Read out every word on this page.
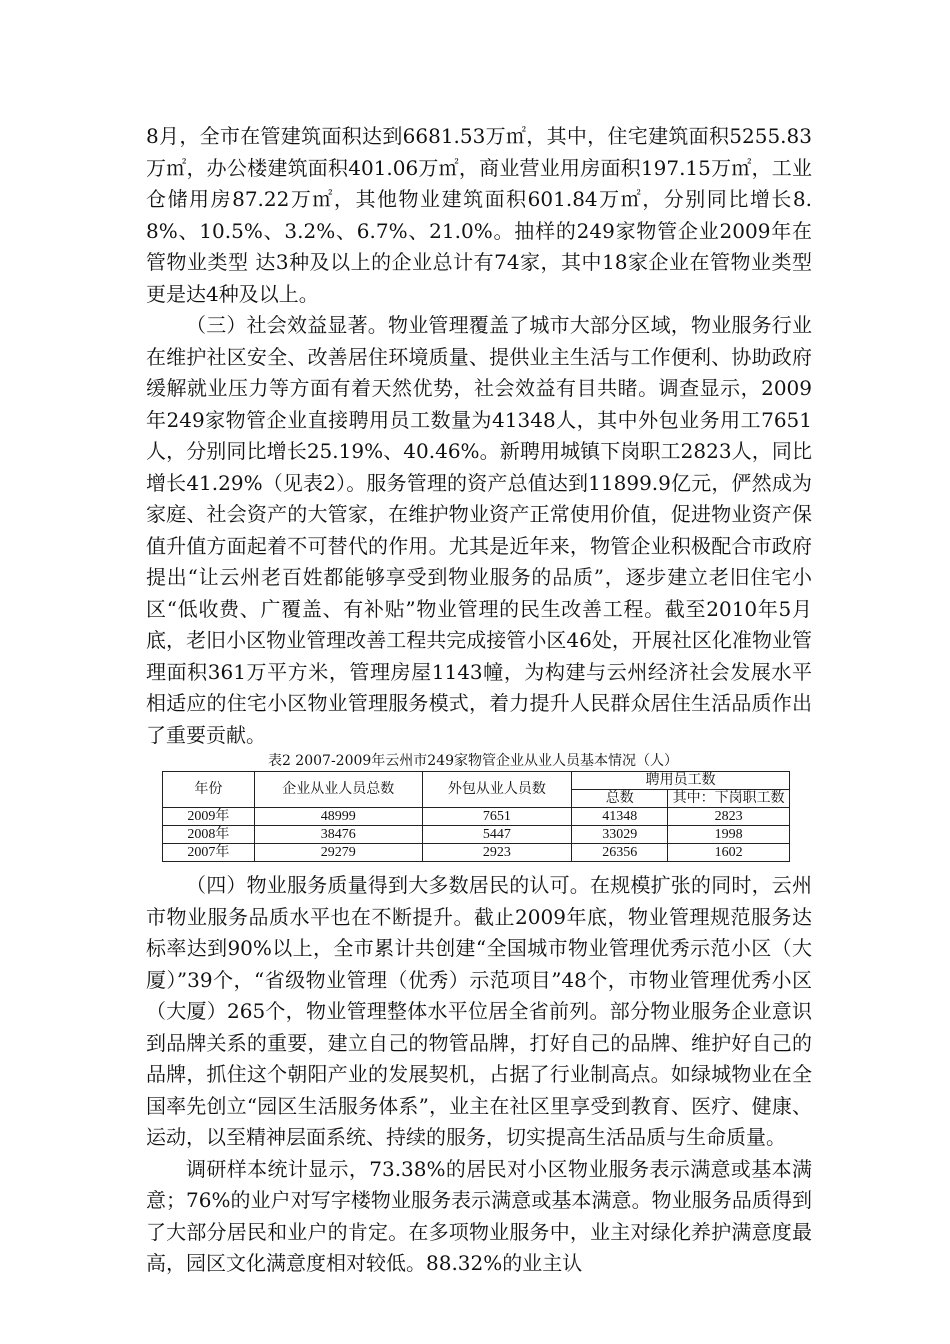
8月，全市在管建筑面积达到6681.53万㎡，其中，住宅建筑面积5255.83万㎡，办公楼建筑面积401.06万㎡，商业营业用房面积197.15万㎡，工业仓储用房87.22万㎡，其他物业建筑面积601.84万㎡，分别同比增长8.8%、10.5%、3.2%、6.7%、21.0%。抽样的249家物管企业2009年在管物业类型 达3种及以上的企业总计有74家，其中18家企业在管物业类型更是达4种及以上。

（三）社会效益显著。物业管理覆盖了城市大部分区域，物业服务行业在维护社区安全、改善居住环境质量、提供业主生活与工作便利、协助政府缓解就业压力等方面有着天然优势，社会效益有目共睹。调查显示，2009年249家物管企业直接聘用员工数量为41348人，其中外包业务用工7651人，分别同比增长25.19%、40.46%。新聘用城镇下岗职工2823人，同比增长41.29%（见表2）。服务管理的资产总值达到11899.9亿元，俨然成为家庭、社会资产的大管家，在维护物业资产正常使用价值，促进物业资产保值升值方面起着不可替代的作用。尤其是近年来，物管企业积极配合市政府提出“让云州老百姓都能够享受到物业服务的品质”，逐步建立老旧住宅小区“低收费、广覆盖、有补贴”物业管理的民生改善工程。截至2010年5月底，老旧小区物业管理改善工程共完成接管小区46处，开展社区化准物业管理面积361万平方米，管理房屋1143幢，为构建与云州经济社会发展水平相适应的住宅小区物业管理服务模式，着力提升人民群众居住生活品质作出了重要贡献。

表2 2007-2009年云州市249家物管企业从业人员基本情况（人）

年份	企业从业人员总数	外包从业人员数	聘用员工数	
			总数	其中：下岗职工数
2009年	48999	7651	41348	2823
2008年	38476	5447	33029	1998
2007年	29279	2923	26356	1602

（四）物业服务质量得到大多数居民的认可。在规模扩张的同时，云州市物业服务品质水平也在不断提升。截止2009年底，物业管理规范服务达标率达到90%以上，全市累计共创建“全国城市物业管理优秀示范小区（大厦）”39个，“省级物业管理（优秀）示范项目”48个，市物业管理优秀小区（大厦）265个，物业管理整体水平位居全省前列。部分物业服务企业意识到品牌关系的重要，建立自己的物管品牌，打好自己的品牌、维护好自己的品牌，抓住这个朝阳产业的发展契机，占据了行业制高点。如绿城物业在全国率先创立“园区生活服务体系”，业主在社区里享受到教育、医疗、健康、运动，以至精神层面系统、持续的服务，切实提高生活品质与生命质量。

调研样本统计显示，73.38%的居民对小区物业服务表示满意或基本满意；76%的业户对写字楼物业服务表示满意或基本满意。物业服务品质得到了大部分居民和业户的肯定。在多项物业服务中，业主对绿化养护满意度最高，园区文化满意度相对较低。88.32%的业主认
